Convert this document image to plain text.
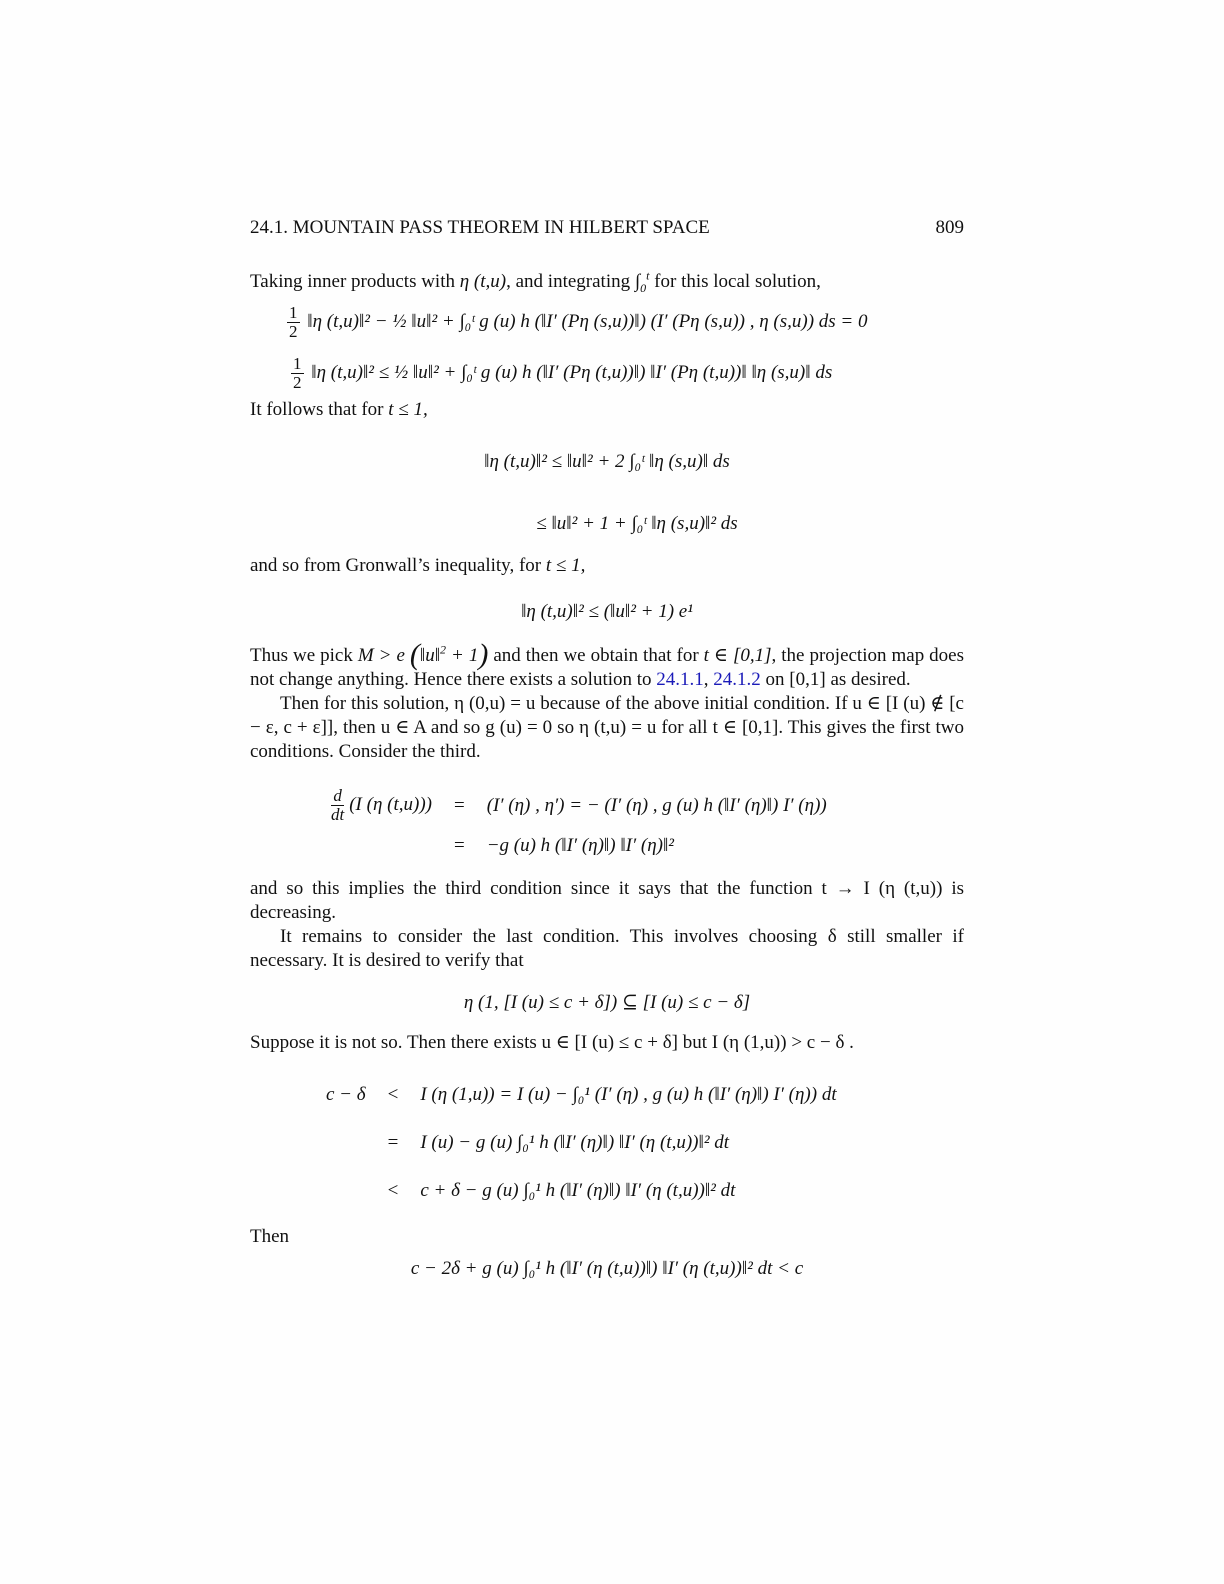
24.1. MOUNTAIN PASS THEOREM IN HILBERT SPACE	809

Taking inner products with η (t,u), and integrating $\int_0^t$ for this local solution,

$\frac{1}{2}$ ‖η (t,u)‖² − ½ ‖u‖² + ∫₀ᵗ g (u) h (‖I′ (Pη (s,u))‖) (I′ (Pη (s,u)) , η (s,u)) ds = 0
$\frac{1}{2}$ ‖η (t,u)‖² ≤ ½ ‖u‖² + ∫₀ᵗ g (u) h (‖I′ (Pη (t,u))‖) ‖I′ (Pη (t,u))‖ ‖η (s,u)‖ ds

It follows that for t ≤ 1,

‖η (t,u)‖² ≤ ‖u‖² + 2 ∫₀ᵗ ‖η (s,u)‖ ds
≤ ‖u‖² + 1 + ∫₀ᵗ ‖η (s,u)‖² ds

and so from Gronwall’s inequality, for t ≤ 1,

‖η (t,u)‖² ≤ (‖u‖² + 1) e¹

Thus we pick M > e (‖u‖$^2$ + 1) and then we obtain that for t ∈ [0,1], the projection map does not change anything. Hence there exists a solution to 24.1.1, 24.1.2 on [0,1] as desired.

Then for this solution, η (0,u) = u because of the above initial condition. If u ∈ [I (u) ∉ [c − ε, c + ε]], then u ∈ A and so g (u) = 0 so η (t,u) = u for all t ∈ [0,1]. This gives the first two conditions. Consider the third.

$\frac{d}{dt} (I$ (η (t,u)))	=	(I′ (η) , η′) = − (I′ (η) , g (u) h (‖I′ (η)‖) I′ (η))
	=	−g (u) h (‖I′ (η)‖) ‖I′ (η)‖²

and so this implies the third condition since it says that the function t → I (η (t,u)) is decreasing.

It remains to consider the last condition. This involves choosing δ still smaller if necessary. It is desired to verify that

η (1, [I (u) ≤ c + δ]) ⊆ [I (u) ≤ c − δ]

Suppose it is not so. Then there exists u ∈ [I (u) ≤ c + δ] but I (η (1,u)) > c − δ .

c − δ	<	I (η (1,u)) = I (u) − ∫₀¹ (I′ (η) , g (u) h (‖I′ (η)‖) I′ (η)) dt
	=	I (u) − g (u) ∫₀¹ h (‖I′ (η)‖) ‖I′ (η (t,u))‖² dt
	<	c + δ − g (u) ∫₀¹ h (‖I′ (η)‖) ‖I′ (η (t,u))‖² dt

Then

c − 2δ + g (u) ∫₀¹ h (‖I′ (η (t,u))‖) ‖I′ (η (t,u))‖² dt < c
